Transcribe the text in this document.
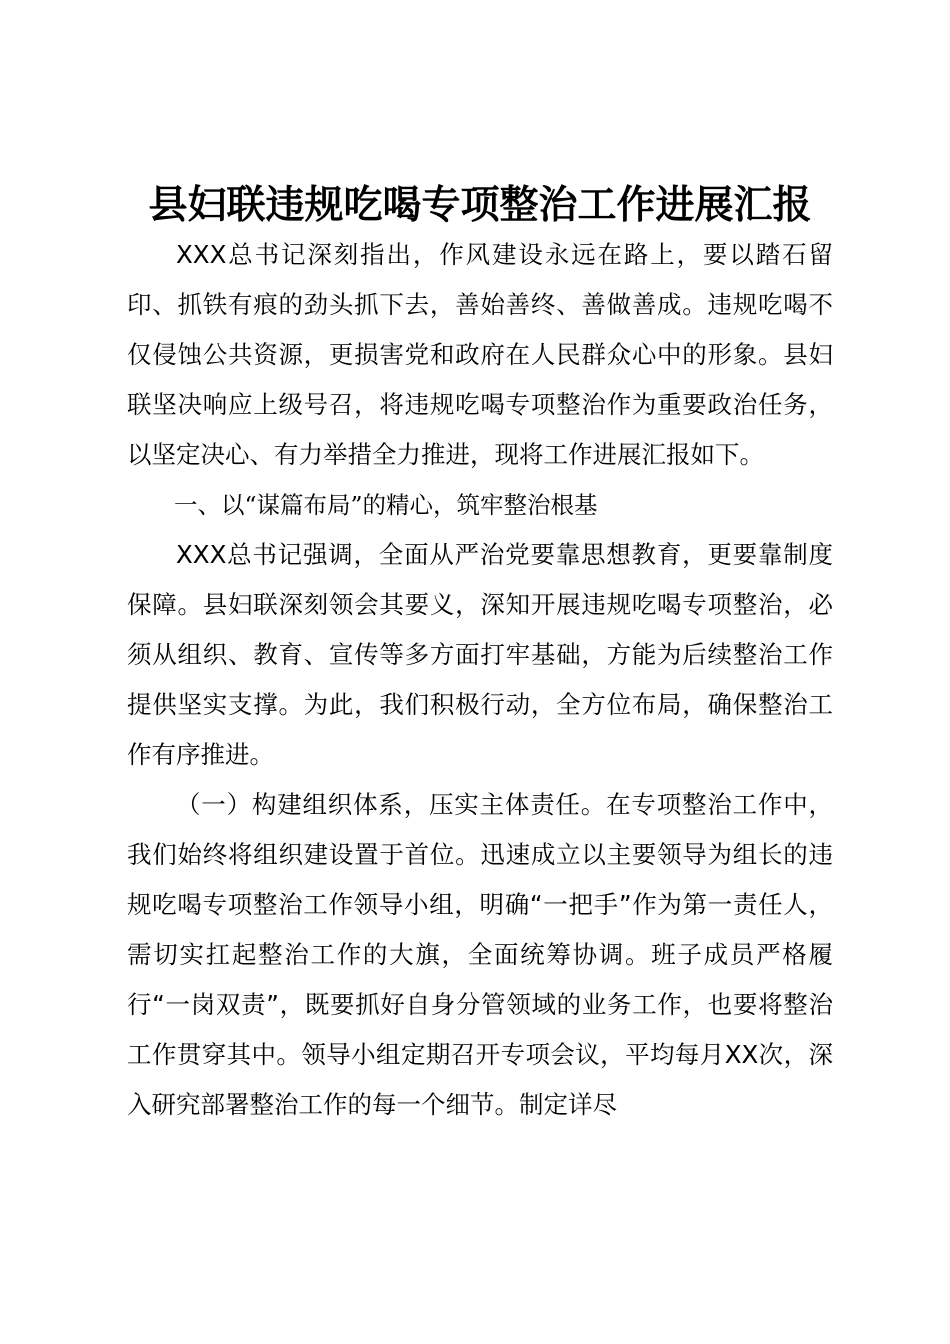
县妇联违规吃喝专项整治工作进展汇报

XXX总书记深刻指出，作风建设永远在路上，要以踏石留印、抓铁有痕的劲头抓下去，善始善终、善做善成。违规吃喝不仅侵蚀公共资源，更损害党和政府在人民群众心中的形象。县妇联坚决响应上级号召，将违规吃喝专项整治作为重要政治任务，以坚定决心、有力举措全力推进，现将工作进展汇报如下。

一、以“谋篇布局”的精心，筑牢整治根基

XXX总书记强调，全面从严治党要靠思想教育，更要靠制度保障。县妇联深刻领会其要义，深知开展违规吃喝专项整治，必须从组织、教育、宣传等多方面打牢基础，方能为后续整治工作提供坚实支撑。为此，我们积极行动，全方位布局，确保整治工作有序推进。

（一）构建组织体系，压实主体责任。在专项整治工作中，我们始终将组织建设置于首位。迅速成立以主要领导为组长的违规吃喝专项整治工作领导小组，明确“一把手”作为第一责任人，需切实扛起整治工作的大旗，全面统筹协调。班子成员严格履行“一岗双责”，既要抓好自身分管领域的业务工作，也要将整治工作贯穿其中。领导小组定期召开专项会议，平均每月XX次，深入研究部署整治工作的每一个细节。制定详尽
